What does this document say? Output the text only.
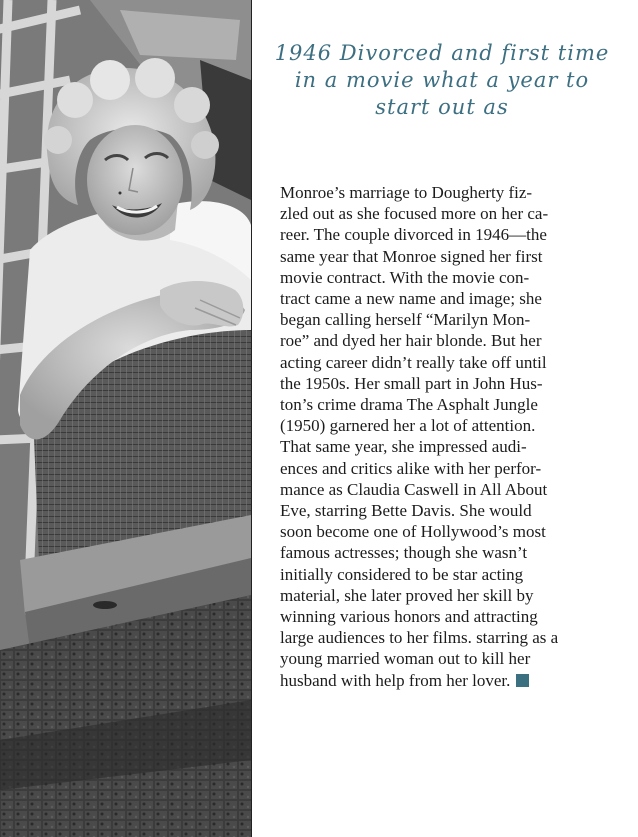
1946 Divorced and first time in a movie what a year to start out as

Monroe’s marriage to Dougherty fiz- zled out as she focused more on her ca- reer. The couple divorced in 1946—the same year that Monroe signed her first movie contract. With the movie con- tract came a new name and image; she began calling herself “Marilyn Mon- roe” and dyed her hair blonde. But her acting career didn’t really take off until the 1950s. Her small part in John Hus- ton’s crime drama The Asphalt Jungle (1950) garnered her a lot of attention. That same year, she impressed audi- ences and critics alike with her perfor- mance as Claudia Caswell in All About Eve, starring Bette Davis. She would soon become one of Hollywood’s most famous actresses; though she wasn’t initially considered to be star acting material, she later proved her skill by winning various honors and attracting large audiences to her films. starring as a young married woman out to kill her husband with help from her lover.
